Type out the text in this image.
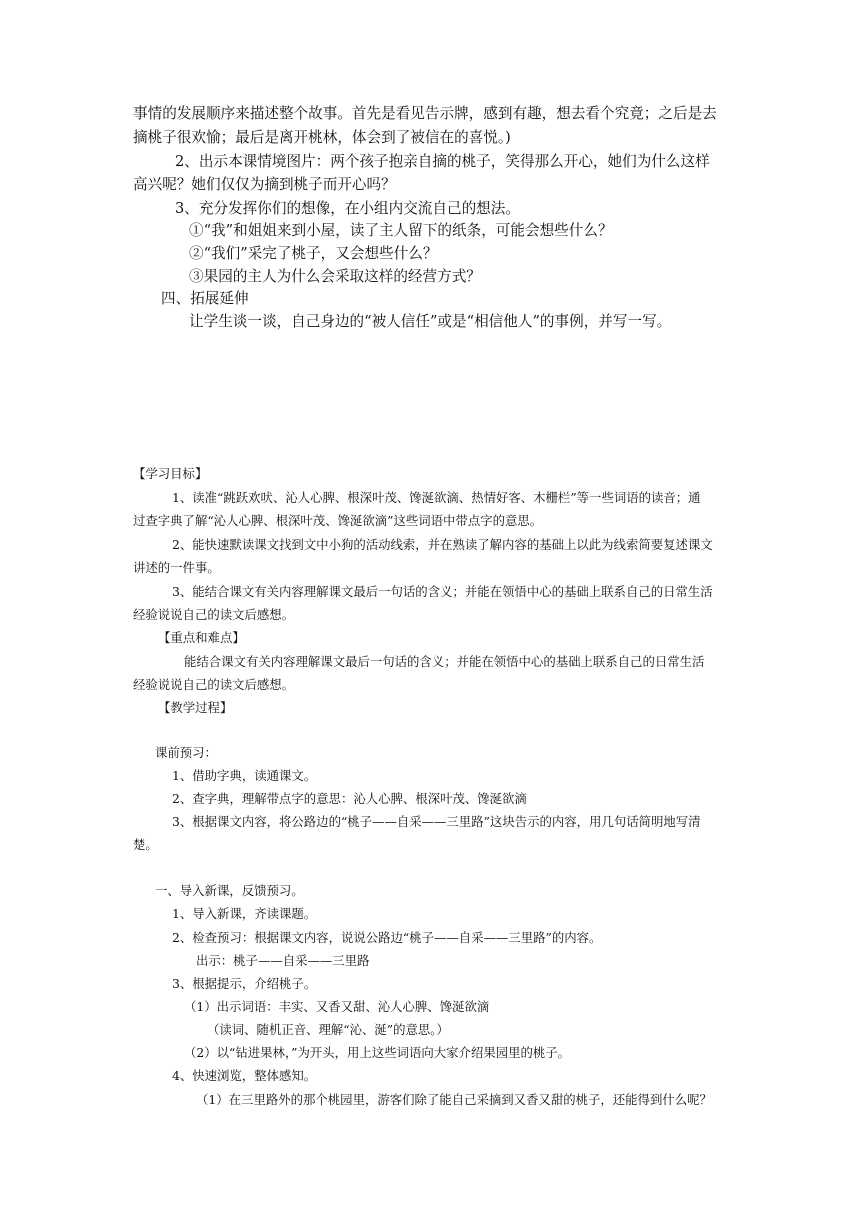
事情的发展顺序来描述整个故事。首先是看见告示牌，感到有趣，想去看个究竟；之后是去

摘桃子很欢愉；最后是离开桃林，体会到了被信在的喜悦。)

2、出示本课情境图片：两个孩子抱亲自摘的桃子，笑得那么开心，她们为什么这样

高兴呢？她们仅仅为摘到桃子而开心吗？

3、充分发挥你们的想像，在小组内交流自己的想法。

①“我”和姐姐来到小屋，读了主人留下的纸条，可能会想些什么？

②“我们”采完了桃子，又会想些什么？

③果园的主人为什么会采取这样的经营方式？

四、拓展延伸

让学生谈一谈，自己身边的“被人信任”或是“相信他人”的事例，并写一写。

【学习目标】

1、读准“跳跃欢吠、沁人心脾、根深叶茂、馋涎欲滴、热情好客、木栅栏”等一些词语的读音；通

过查字典了解“沁人心脾、根深叶茂、馋涎欲滴”这些词语中带点字的意思。

2、能快速默读课文找到文中小狗的活动线索，并在熟读了解内容的基础上以此为线索简要复述课文

讲述的一件事。

3、能结合课文有关内容理解课文最后一句话的含义；并能在领悟中心的基础上联系自己的日常生活

经验说说自己的读文后感想。

【重点和难点】

能结合课文有关内容理解课文最后一句话的含义；并能在领悟中心的基础上联系自己的日常生活

经验说说自己的读文后感想。

【教学过程】

课前预习：

1、借助字典，读通课文。

2、查字典，理解带点字的意思：沁人心脾、根深叶茂、馋涎欲滴

3、根据课文内容，将公路边的“桃子——自采——三里路”这块告示的内容，用几句话简明地写清

楚。

一、导入新课，反馈预习。

1、导入新课，齐读课题。

2、检查预习：根据课文内容，说说公路边“桃子——自采——三里路”的内容。

出示：桃子——自采——三里路

3、根据提示，介绍桃子。

（1）出示词语：丰实、又香又甜、沁人心脾、馋涎欲滴

（读词、随机正音、理解“沁、涎”的意思。）

（2）以“钻进果林，”为开头，用上这些词语向大家介绍果园里的桃子。

4、快速浏览，整体感知。

（1）在三里路外的那个桃园里，游客们除了能自己采摘到又香又甜的桃子，还能得到什么呢？
